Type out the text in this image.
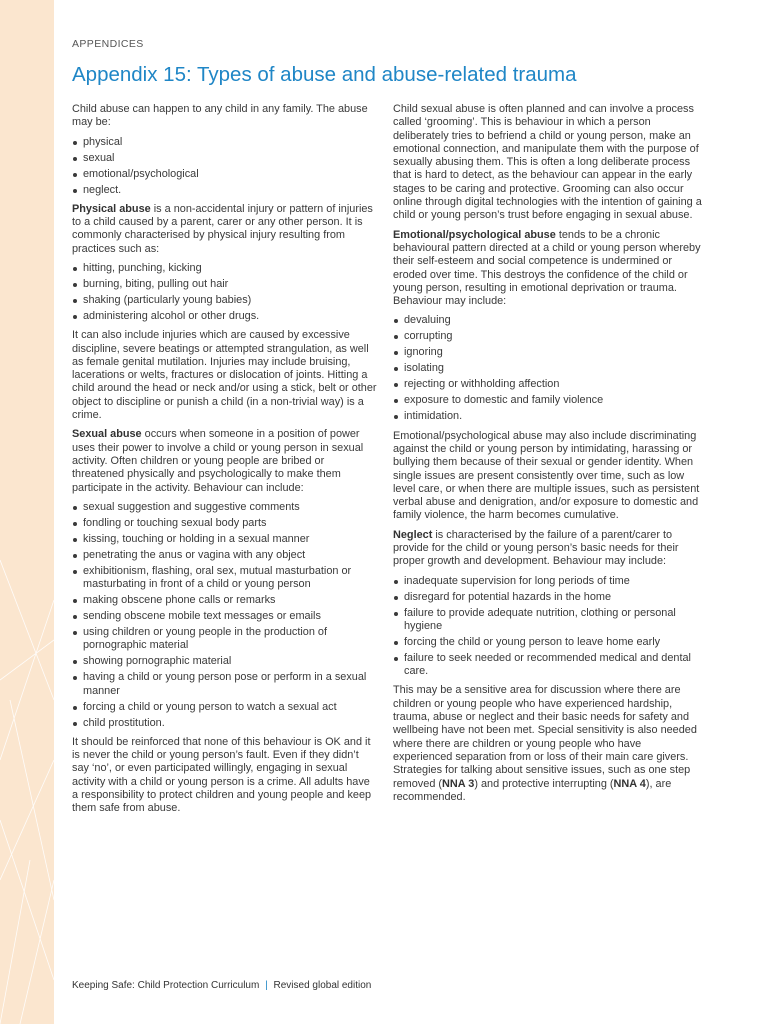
APPENDICES
Appendix 15: Types of abuse and abuse-related trauma

Child abuse can happen to any child in any family. The abuse may be:

physical
sexual
emotional/psychological
neglect.

Physical abuse is a non-accidental injury or pattern of injuries to a child caused by a parent, carer or any other person. It is commonly characterised by physical injury resulting from practices such as:

hitting, punching, kicking
burning, biting, pulling out hair
shaking (particularly young babies)
administering alcohol or other drugs.

It can also include injuries which are caused by excessive discipline, severe beatings or attempted strangulation, as well as female genital mutilation. Injuries may include bruising, lacerations or welts, fractures or dislocation of joints. Hitting a child around the head or neck and/or using a stick, belt or other object to discipline or punish a child (in a non-trivial way) is a crime.

Sexual abuse occurs when someone in a position of power uses their power to involve a child or young person in sexual activity. Often children or young people are bribed or threatened physically and psychologically to make them participate in the activity. Behaviour can include:

sexual suggestion and suggestive comments
fondling or touching sexual body parts
kissing, touching or holding in a sexual manner
penetrating the anus or vagina with any object
exhibitionism, flashing, oral sex, mutual masturbation or masturbating in front of a child or young person
making obscene phone calls or remarks
sending obscene mobile text messages or emails
using children or young people in the production of pornographic material
showing pornographic material
having a child or young person pose or perform in a sexual manner
forcing a child or young person to watch a sexual act
child prostitution.

It should be reinforced that none of this behaviour is OK and it is never the child or young person’s fault. Even if they didn’t say ‘no’, or even participated willingly, engaging in sexual activity with a child or young person is a crime. All adults have a responsibility to protect children and young people and keep them safe from abuse.

Child sexual abuse is often planned and can involve a process called ‘grooming’. This is behaviour in which a person deliberately tries to befriend a child or young person, make an emotional connection, and manipulate them with the purpose of sexually abusing them. This is often a long deliberate process that is hard to detect, as the behaviour can appear in the early stages to be caring and protective. Grooming can also occur online through digital technologies with the intention of gaining a child or young person’s trust before engaging in sexual abuse.

Emotional/psychological abuse tends to be a chronic behavioural pattern directed at a child or young person whereby their self-esteem and social competence is undermined or eroded over time. This destroys the confidence of the child or young person, resulting in emotional deprivation or trauma. Behaviour may include:

devaluing
corrupting
ignoring
isolating
rejecting or withholding affection
exposure to domestic and family violence
intimidation.

Emotional/psychological abuse may also include discriminating against the child or young person by intimidating, harassing or bullying them because of their sexual or gender identity. When single issues are present consistently over time, such as low level care, or when there are multiple issues, such as persistent verbal abuse and denigration, and/or exposure to domestic and family violence, the harm becomes cumulative.

Neglect is characterised by the failure of a parent/carer to provide for the child or young person’s basic needs for their proper growth and development. Behaviour may include:

inadequate supervision for long periods of time
disregard for potential hazards in the home
failure to provide adequate nutrition, clothing or personal hygiene
forcing the child or young person to leave home early
failure to seek needed or recommended medical and dental care.

This may be a sensitive area for discussion where there are children or young people who have experienced hardship, trauma, abuse or neglect and their basic needs for safety and wellbeing have not been met. Special sensitivity is also needed where there are children or young people who have experienced separation from or loss of their main care givers. Strategies for talking about sensitive issues, such as one step removed (NNA 3) and protective interrupting (NNA 4), are recommended.

Keeping Safe: Child Protection Curriculum | Revised global edition
